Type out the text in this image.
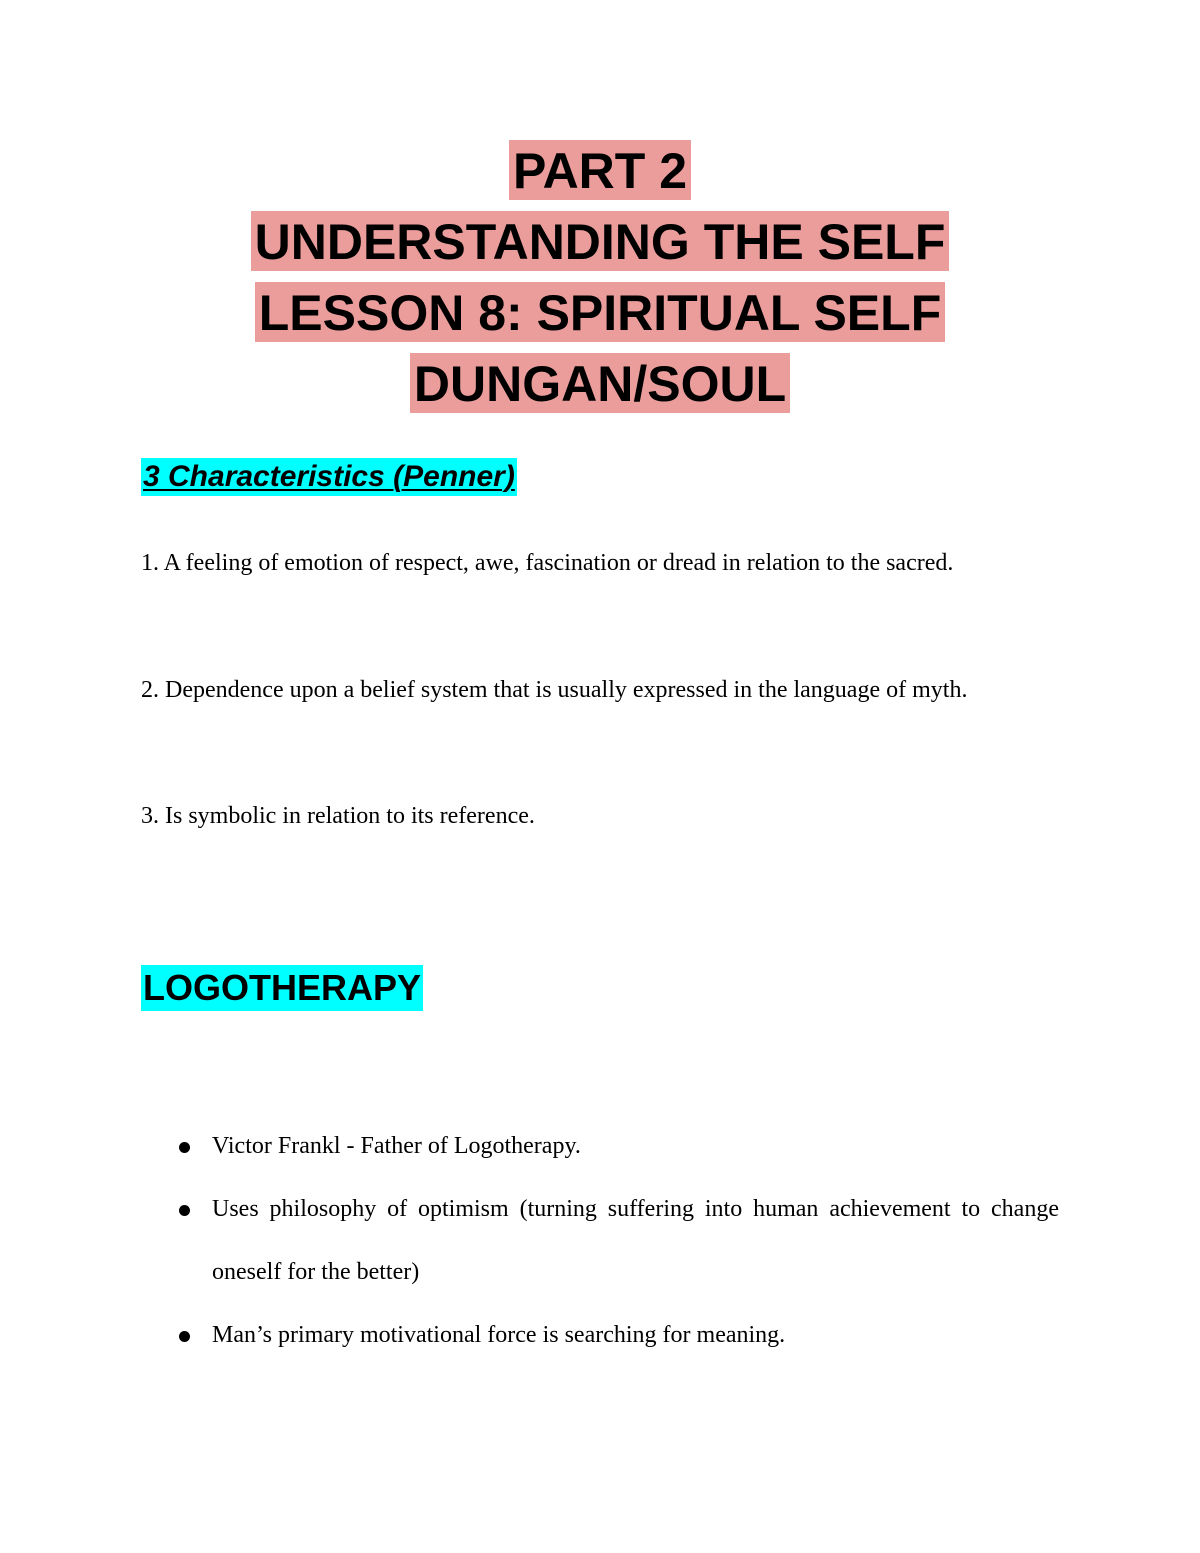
PART 2
UNDERSTANDING THE SELF
LESSON 8: SPIRITUAL SELF
DUNGAN/SOUL
3 Characteristics (Penner)
1. A feeling of emotion of respect, awe, fascination or dread in relation to the sacred.
2. Dependence upon a belief system that is usually expressed in the language of myth.
3. Is symbolic in relation to its reference.
LOGOTHERAPY
Victor Frankl - Father of Logotherapy.
Uses philosophy of optimism (turning suffering into human achievement to change oneself for the better)
Man’s primary motivational force is searching for meaning.
